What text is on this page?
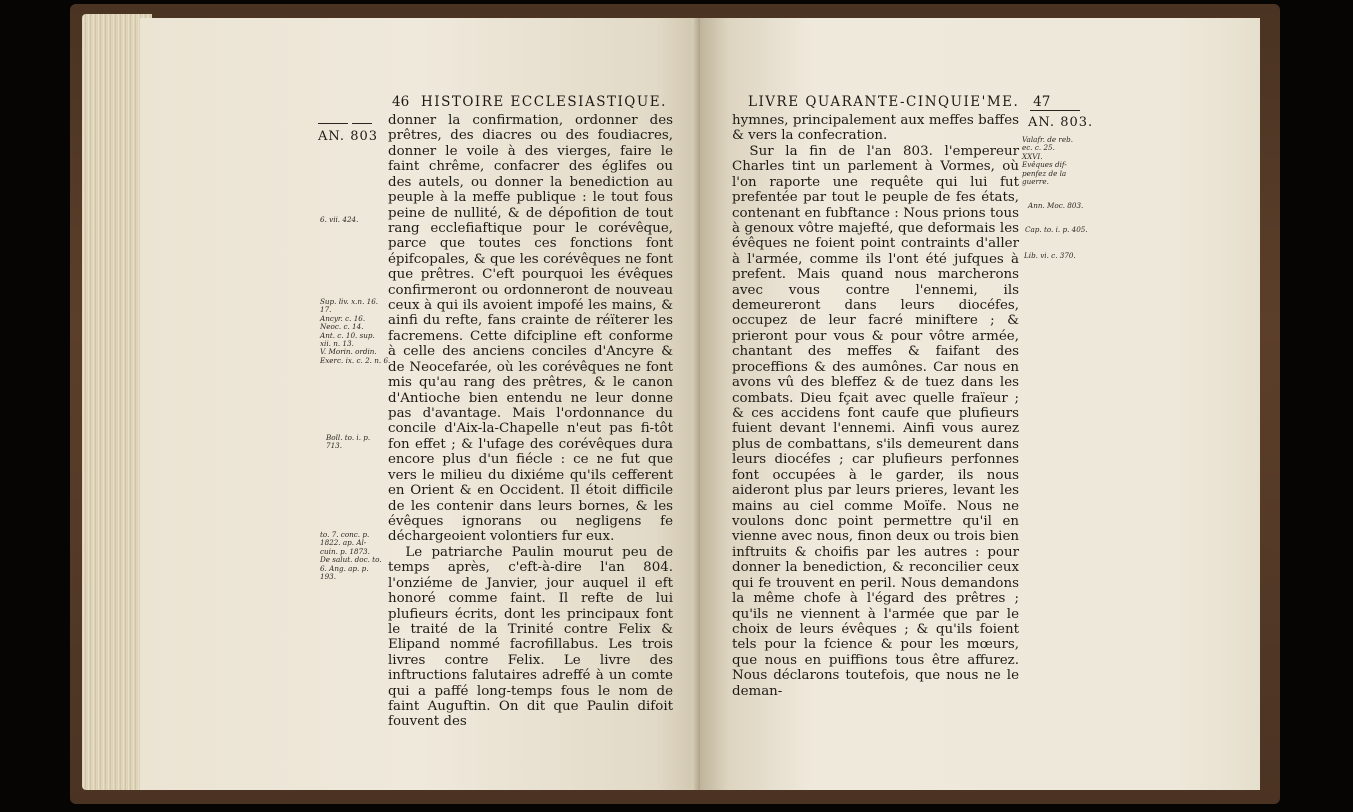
46 HISTOIRE ECCLESIASTIQUE.
AN. 803
6. vii. 424.
Sup. liv. x.n. 16.
17.
Ancyr. c. 16.
Neoc. c. 14.
Ant. c. 10. sup.
xii. n. 13.
V. Morin. ordin.
Exerc. ix. c. 2. n. 6.
Boll. to. i. p.
713.
to. 7. conc. p.
1822. ap. Al-
cuin. p. 1873.
De salut. doc. to.
6. Ang. ap. p.
193.

donner la confirmation, ordonner des prêtres, des diacres ou des foudiacres, donner le voile à des vierges, faire le faint chrême, confacrer des églifes ou des autels, ou donner la benediction au peuple à la meffe publique : le tout fous peine de nullité, & de dépofition de tout rang ecclefiaftique pour le corévêque, parce que toutes ces fonctions font épifcopales, & que les corévêques ne font que prêtres. C'eft pourquoi les évêques confirmeront ou ordonneront de nouveau ceux à qui ils avoient impofé les mains, & ainfi du refte, fans crainte de réïterer les facremens. Cette difcipline eft conforme à celle des anciens conciles d'Ancyre & de Neocefarée, où les corévêques ne font mis qu'au rang des prêtres, & le canon d'Antioche bien entendu ne leur donne pas d'avantage. Mais l'ordonnance du concile d'Aix-la-Chapelle n'eut pas fi-tôt fon effet ; & l'ufage des corévêques dura encore plus d'un fiécle : ce ne fut que vers le milieu du dixiéme qu'ils cefferent en Orient & en Occident. Il étoit difficile de les contenir dans leurs bornes, & les évêques ignorans ou negligens fe déchargeoient volontiers fur eux.

Le patriarche Paulin mourut peu de temps après, c'eft-à-dire l'an 804. l'onziéme de Janvier, jour auquel il eft honoré comme faint. Il refte de lui plufieurs écrits, dont les principaux font le traité de la Trinité contre Felix & Elipand nommé facrofillabus. Les trois livres contre Felix. Le livre des inftructions falutaires adreffé à un comte qui a paffé long-temps fous le nom de faint Auguftin. On dit que Paulin difoit fouvent des

LIVRE QUARANTE-CINQUIE'ME. 47
AN. 803.
Valafr. de reb.
ec. c. 25.
XXVI.
Evêques dif-
penfez de la
guerre.
Ann. Moc. 803.
Cap. to. i. p. 405.
Lib. vi. c. 370.

hymnes, principalement aux meffes baffes & vers la confecration.

Sur la fin de l'an 803. l'empereur Charles tint un parlement à Vormes, où l'on raporte une requête qui lui fut prefentée par tout le peuple de fes états, contenant en fubftance : Nous prions tous à genoux vôtre majefté, que deformais les évêques ne foient point contraints d'aller à l'armée, comme ils l'ont été jufques à prefent. Mais quand nous marcherons avec vous contre l'ennemi, ils demeureront dans leurs diocéfes, occupez de leur facré miniftere ; & prieront pour vous & pour vôtre armée, chantant des meffes & faifant des proceffions & des aumônes. Car nous en avons vû des bleffez & de tuez dans les combats. Dieu fçait avec quelle fraïeur ; & ces accidens font caufe que plufieurs fuient devant l'ennemi. Ainfi vous aurez plus de combattans, s'ils demeurent dans leurs diocéfes ; car plufieurs perfonnes font occupées à le garder, ils nous aideront plus par leurs prieres, levant les mains au ciel comme Moïfe. Nous ne voulons donc point permettre qu'il en vienne avec nous, finon deux ou trois bien inftruits & choifis par les autres : pour donner la benediction, & reconcilier ceux qui fe trouvent en peril. Nous demandons la même chofe à l'égard des prêtres ; qu'ils ne viennent à l'armée que par le choix de leurs évêques ; & qu'ils foient tels pour la fcience & pour les mœurs, que nous en puiffions tous être affurez. Nous déclarons toutefois, que nous ne le deman-
